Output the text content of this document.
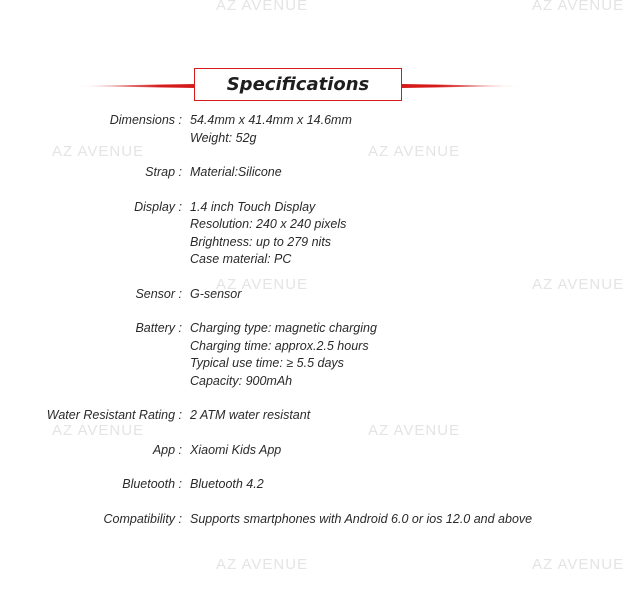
AZ AVENUE	AZ AVENUE
AZ AVENUE	AZ AVENUE
AZ AVENUE	AZ AVENUE
AZ AVENUE	AZ AVENUE
AZ AVENUE	AZ AVENUE
Specifications
Dimensions : 54.4mm x 41.4mm x 14.6mm
Weight: 52g
Strap : Material:Silicone
Display : 1.4 inch Touch Display
Resolution: 240 x 240 pixels
Brightness: up to 279 nits
Case material: PC
Sensor : G-sensor
Battery : Charging type: magnetic charging
Charging time: approx.2.5 hours
Typical use time: ≥ 5.5 days
Capacity: 900mAh
Water Resistant Rating : 2 ATM water resistant
App : Xiaomi Kids App
Bluetooth : Bluetooth 4.2
Compatibility : Supports smartphones with Android 6.0 or ios 12.0 and above
